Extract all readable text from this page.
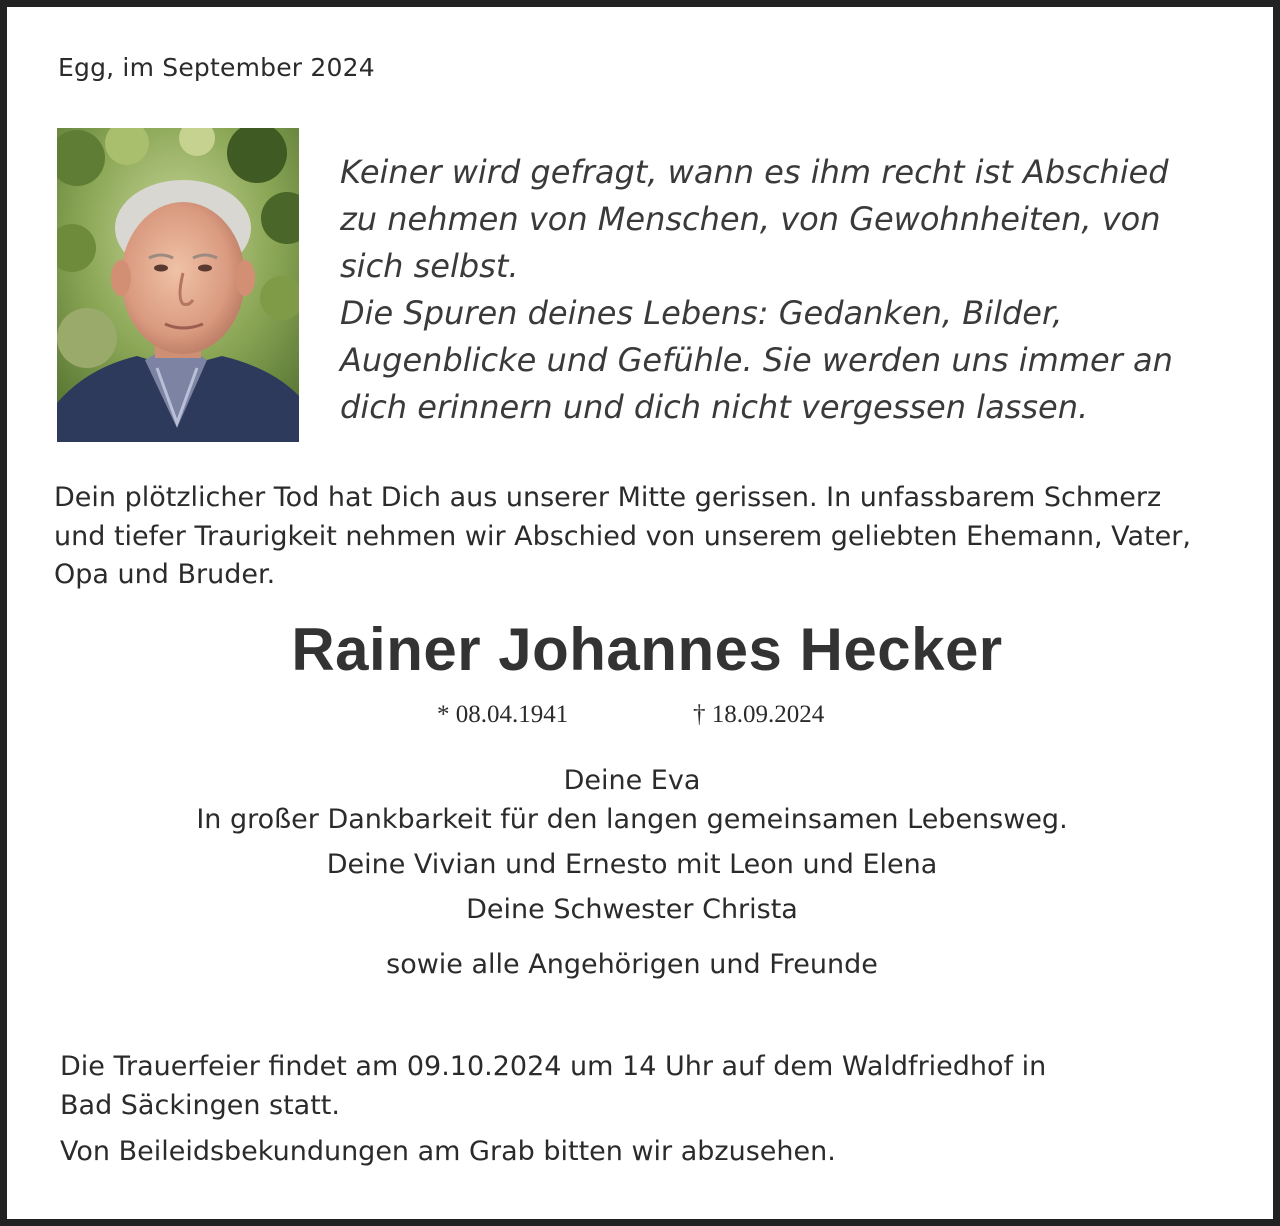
Egg, im September 2024
Keiner wird gefragt, wann es ihm recht ist Abschied
zu nehmen von Menschen, von Gewohnheiten, von
sich selbst.
Die Spuren deines Lebens: Gedanken, Bilder,
Augenblicke und Gefühle. Sie werden uns immer an
dich erinnern und dich nicht vergessen lassen.
Dein plötzlicher Tod hat Dich aus unserer Mitte gerissen. In unfassbarem Schmerz
und tiefer Traurigkeit nehmen wir Abschied von unserem geliebten Ehemann, Vater,
Opa und Bruder.
Rainer Johannes Hecker
* 08.04.1941	† 18.09.2024
Deine Eva
In großer Dankbarkeit für den langen gemeinsamen Lebensweg.
Deine Vivian und Ernesto mit Leon und Elena
Deine Schwester Christa
sowie alle Angehörigen und Freunde
Die Trauerfeier findet am 09.10.2024 um 14 Uhr auf dem Waldfriedhof in
Bad Säckingen statt.
Von Beileidsbekundungen am Grab bitten wir abzusehen.
